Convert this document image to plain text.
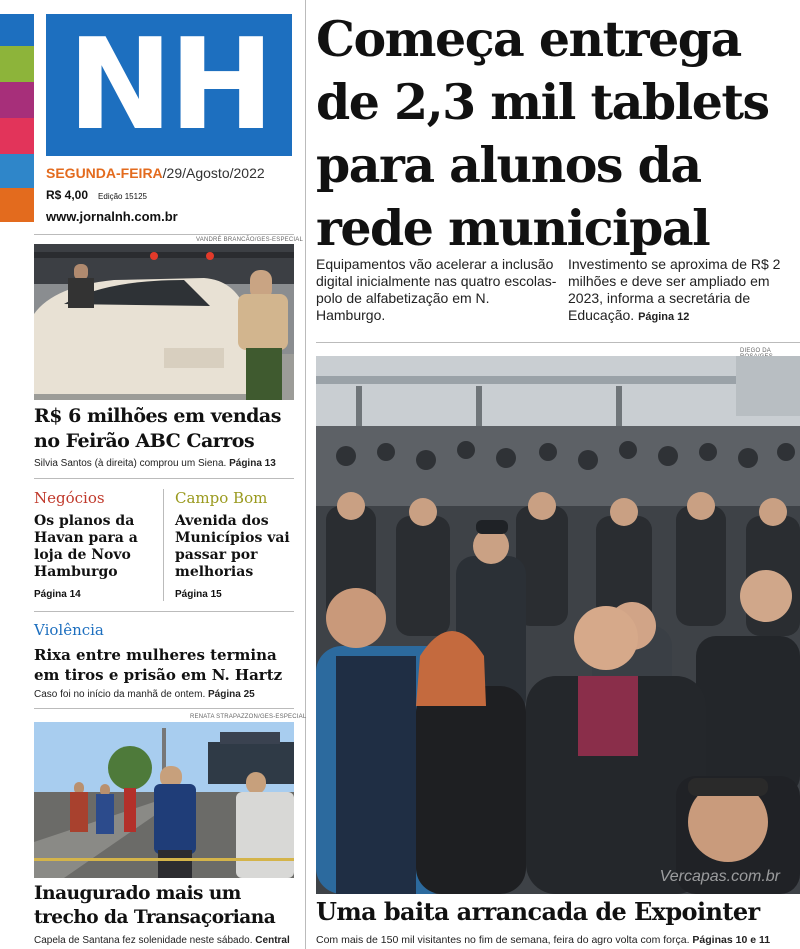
NH
SEGUNDA-FEIRA/29/Agosto/2022
R$ 4,00 Edição 15125
www.jornalnh.com.br
Começa entrega de 2,3 mil tablets para alunos da rede municipal
Equipamentos vão acelerar a inclusão digital inicialmente nas quatro escolas-polo de alfabetização em N. Hamburgo.
Investimento se aproxima de R$ 2 milhões e deve ser ampliado em 2023, informa a secretária de Educação. Página 12
VANDRÉ BRANCÃO/GES-ESPECIAL
R$ 6 milhões em vendas no Feirão ABC Carros
Silvia Santos (à direita) comprou um Siena. Página 13
Negócios
Os planos da Havan para a loja de Novo Hamburgo
Página 14
Campo Bom
Avenida dos Municípios vai passar por melhorias
Página 15
Violência
Rixa entre mulheres termina em tiros e prisão em N. Hartz
Caso foi no início da manhã de ontem. Página 25
RENATA STRAPAZZON/GES-ESPECIAL
Inaugurado mais um trecho da Transaçoriana
Capela de Santana fez solenidade neste sábado. Central
DIEGO DA
Vercapas.com.br
Uma baita arrancada de Expointer
Com mais de 150 mil visitantes no fim de semana, feira do agro volta com força. Páginas 10 e 11
